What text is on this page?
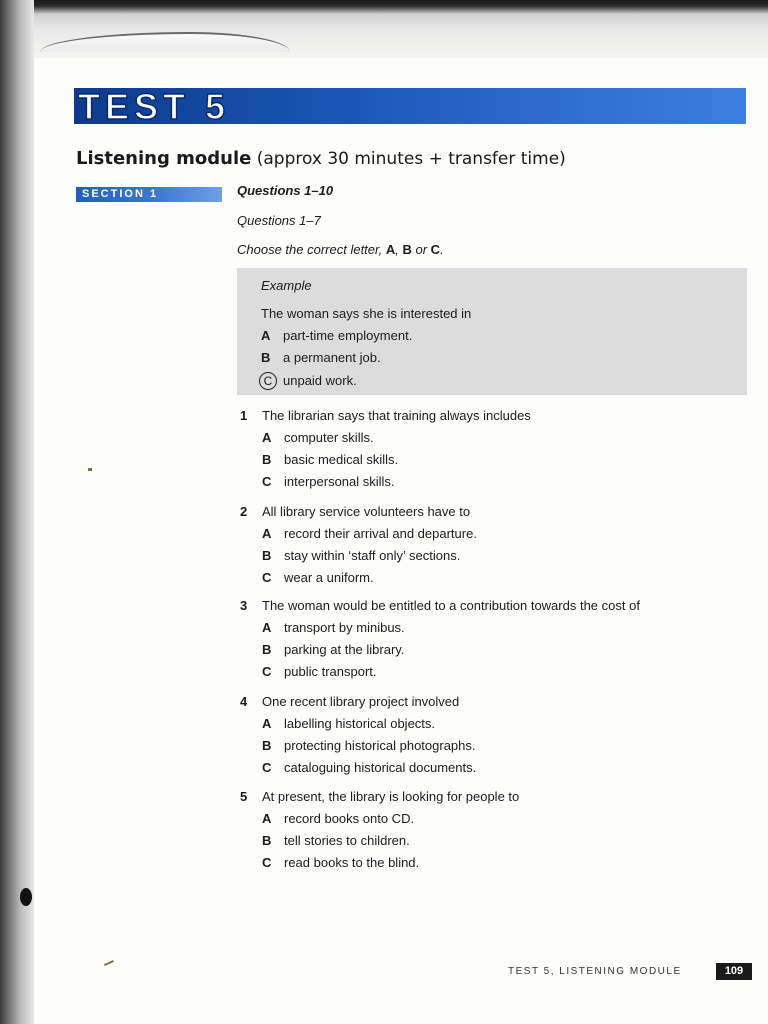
TEST 5
Listening module (approx 30 minutes + transfer time)
SECTION 1	Questions 1–10
Questions 1–7
Choose the correct letter, A, B or C.
Example
The woman says she is interested in
A part-time employment.
B a permanent job.
C unpaid work.
1 The librarian says that training always includes
A computer skills.
B basic medical skills.
C interpersonal skills.
2 All library service volunteers have to
A record their arrival and departure.
B stay within ‘staff only’ sections.
C wear a uniform.
3 The woman would be entitled to a contribution towards the cost of
A transport by minibus.
B parking at the library.
C public transport.
4 One recent library project involved
A labelling historical objects.
B protecting historical photographs.
C cataloguing historical documents.
5 At present, the library is looking for people to
A record books onto CD.
B tell stories to children.
C read books to the blind.
TEST 5, LISTENING MODULE	109
